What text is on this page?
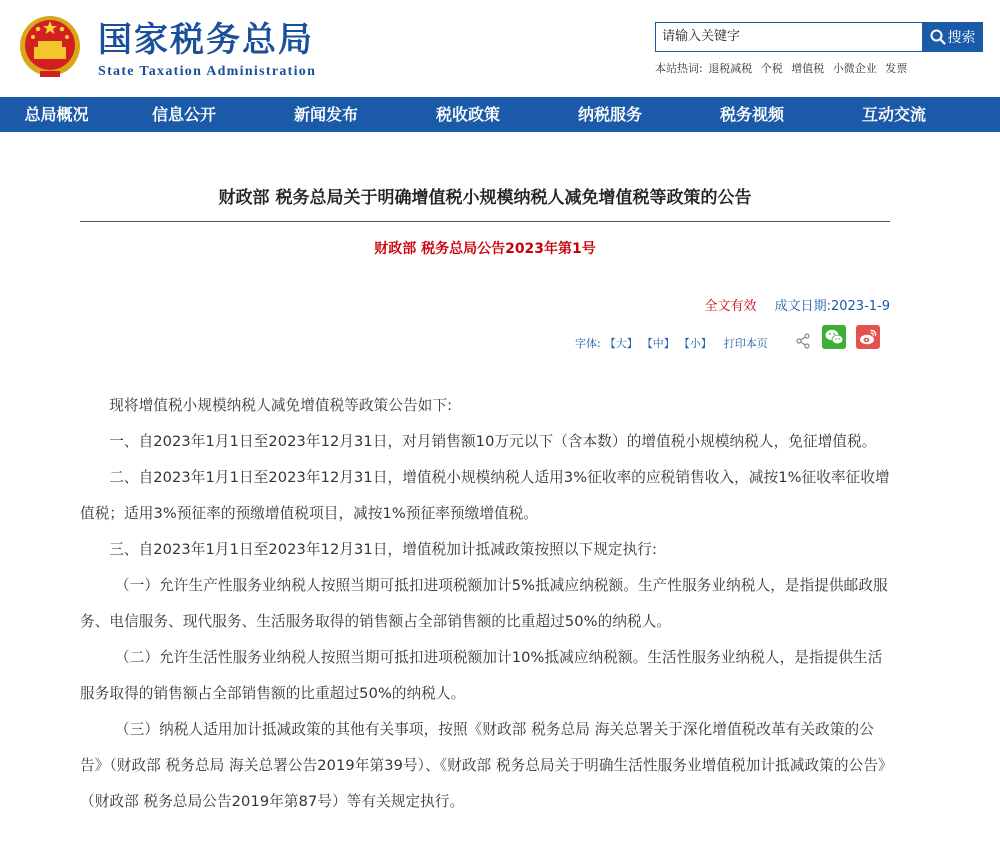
国家税务总局
State Taxation Administration
请输入关键字	搜索
本站热词: 退税减税 个税 增值税 小微企业 发票
总局概况	信息公开	新闻发布	税收政策	纳税服务	税务视频	互动交流
财政部 税务总局关于明确增值税小规模纳税人减免增值税等政策的公告
财政部 税务总局公告2023年第1号
全文有效 成文日期:2023-1-9
字体: 【大】 【中】 【小】 打印本页

现将增值税小规模纳税人减免增值税等政策公告如下:

一、自2023年1月1日至2023年12月31日，对月销售额10万元以下（含本数）的增值税小规模纳税人，免征增值税。

二、自2023年1月1日至2023年12月31日，增值税小规模纳税人适用3%征收率的应税销售收入，减按1%征收率征收增值税；适用3%预征率的预缴增值税项目，减按1%预征率预缴增值税。

三、自2023年1月1日至2023年12月31日，增值税加计抵减政策按照以下规定执行:

（一）允许生产性服务业纳税人按照当期可抵扣进项税额加计5%抵减应纳税额。生产性服务业纳税人，是指提供邮政服务、电信服务、现代服务、生活服务取得的销售额占全部销售额的比重超过50%的纳税人。

（二）允许生活性服务业纳税人按照当期可抵扣进项税额加计10%抵减应纳税额。生活性服务业纳税人，是指提供生活服务取得的销售额占全部销售额的比重超过50%的纳税人。

（三）纳税人适用加计抵减政策的其他有关事项，按照《财政部 税务总局 海关总署关于深化增值税改革有关政策的公告》（财政部 税务总局 海关总署公告2019年第39号）、《财政部 税务总局关于明确生活性服务业增值税加计抵减政策的公告》（财政部 税务总局公告2019年第87号）等有关规定执行。
